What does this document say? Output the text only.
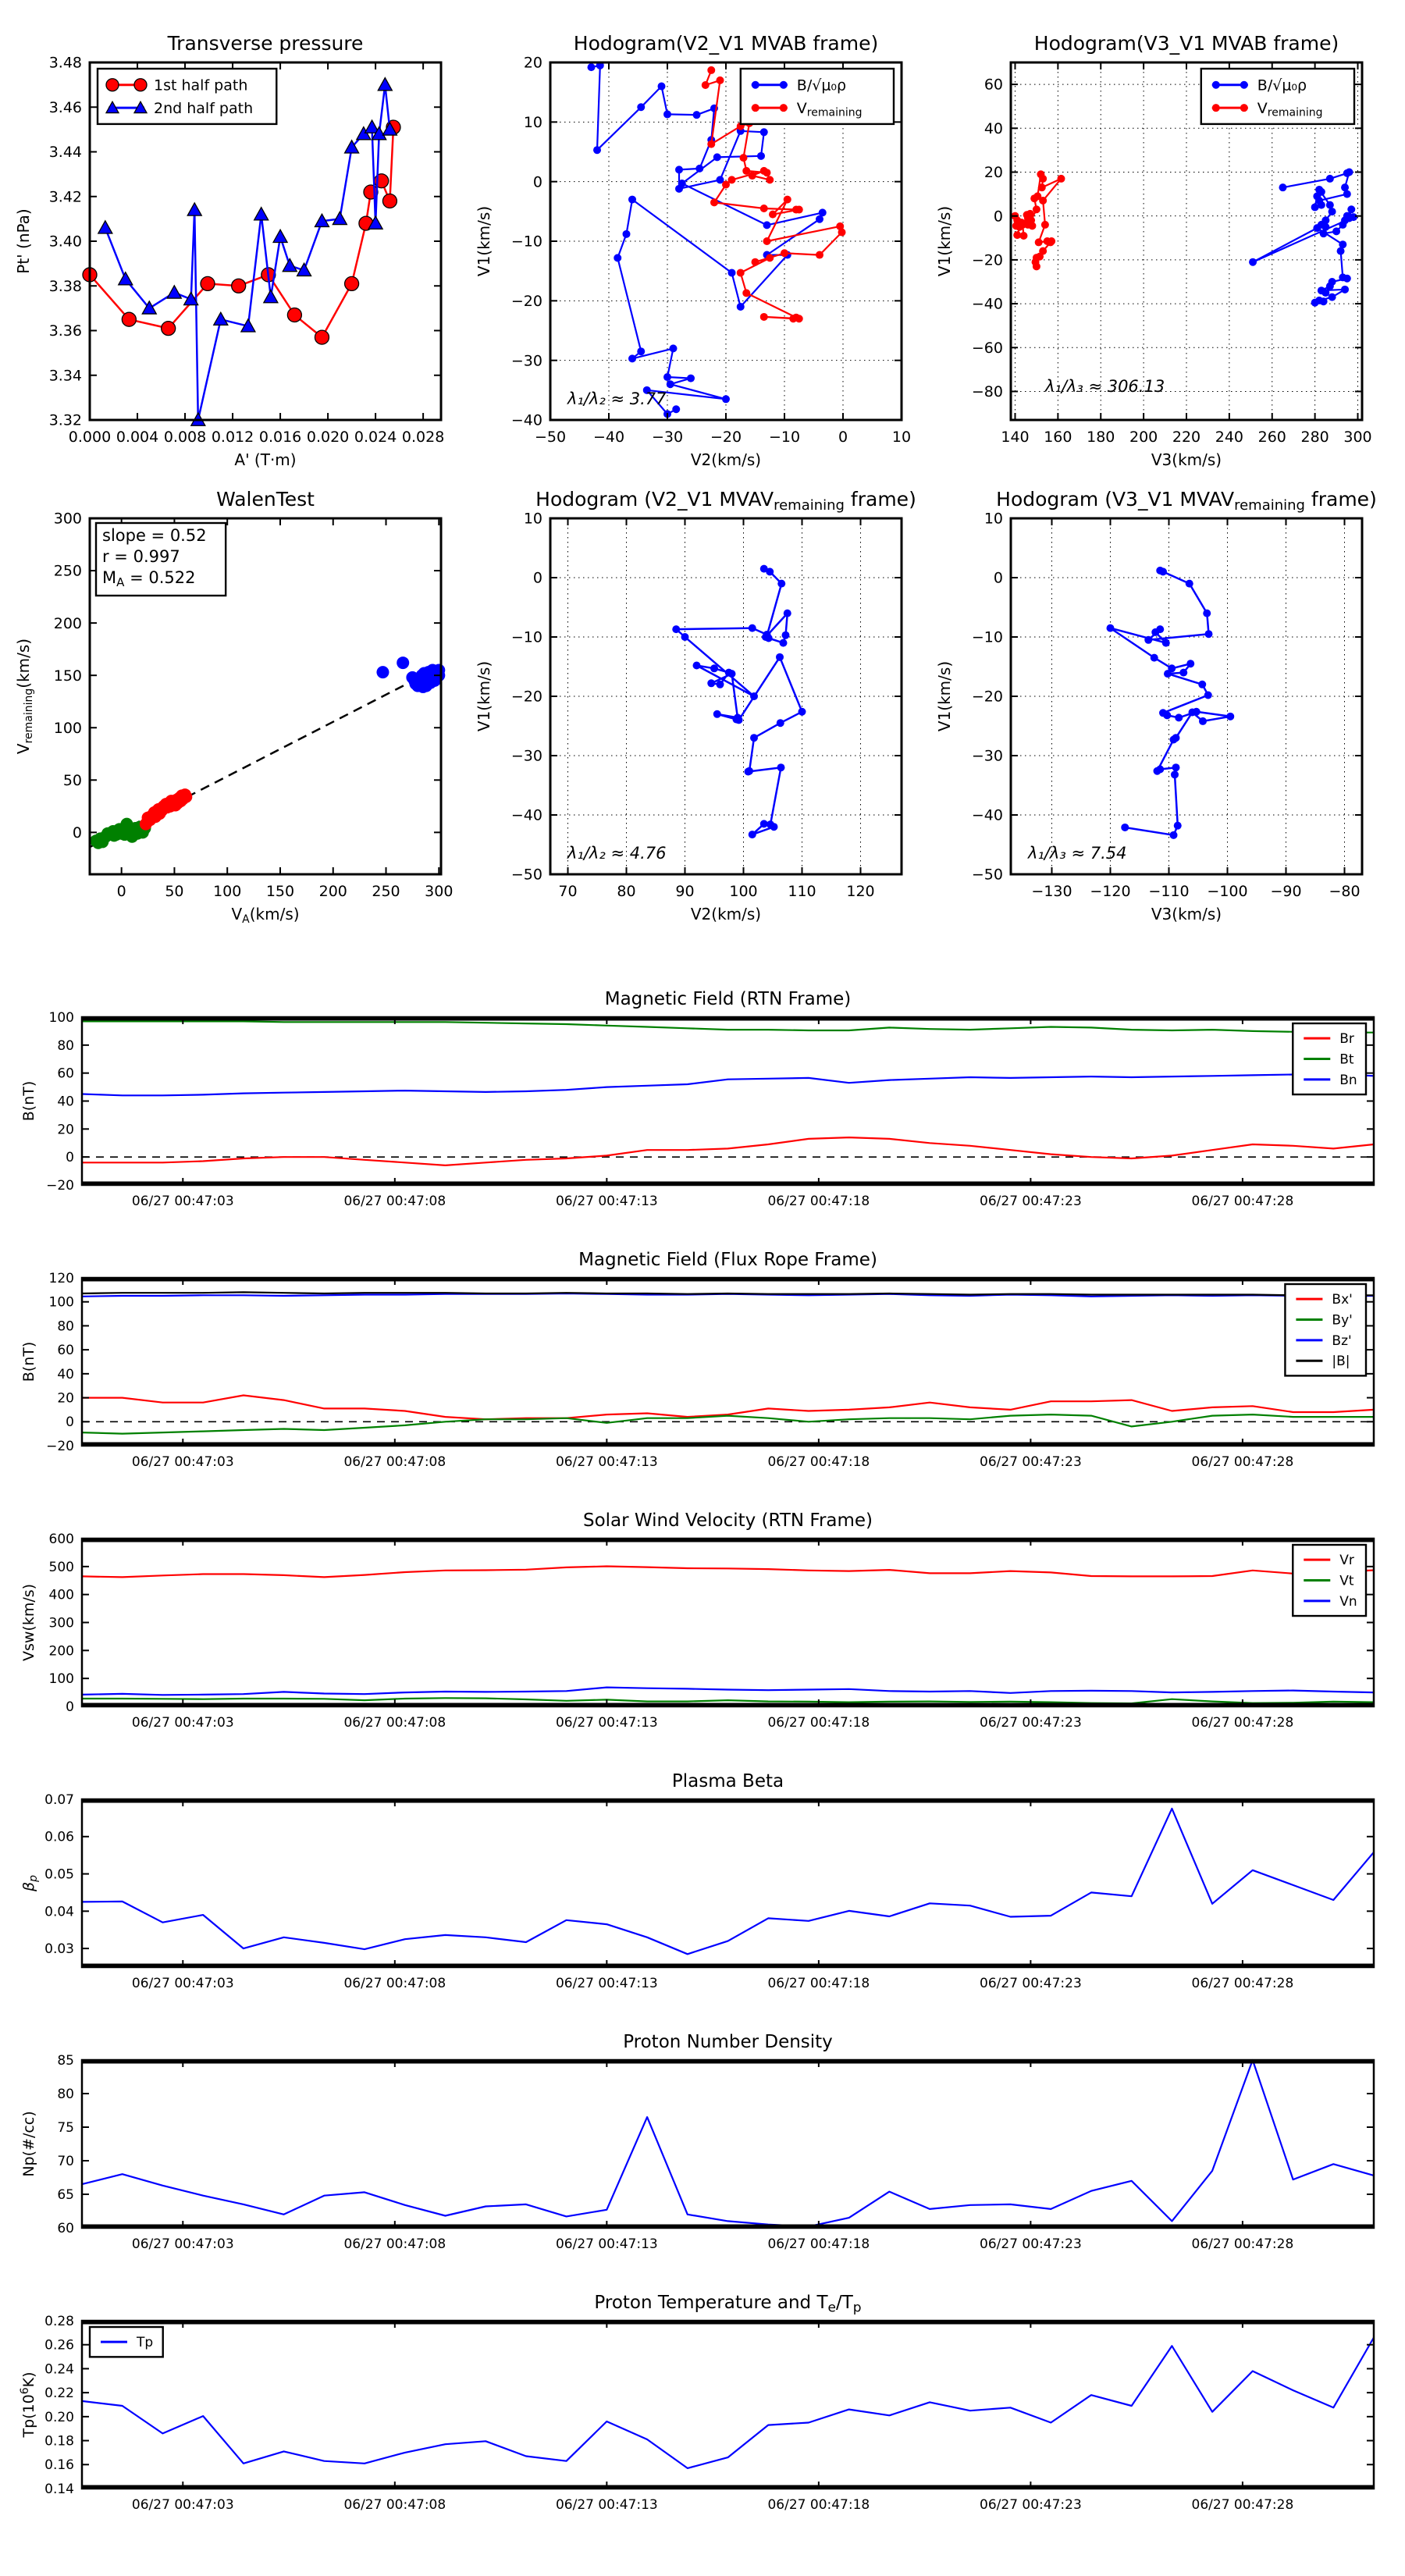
0.000 0.004 0.008 0.012 0.016 0.020 0.024 0.028
3.32
3.34
3.36
3.38
3.40
3.42
3.44
3.46
3.48
Transverse pressure
A' (T·m)
Pt' (nPa)
1st half path
2nd half path
−50 −40 −30 −20 −10	0	10
−40
−30
−20
−10
0
10
20
Hodogram(V2_V1 MVAB frame)
V2(km/s)
V1(km/s)
B/√μ₀ρ
$V_{remaining}$
λ₁/λ₂ ≈ 3.77
140 160 180 200 220 240 260 280 300
−80
−60
−40
−20
0
20
40
60
Hodogram(V3_V1 MVAB frame)
V3(km/s)
V1(km/s)
B/√μ₀ρ
$V_{remaining}$
λ₁/λ₃ ≈ 306.13
0	50 100 150 200 250 300
0
50
100
150
200
250
300
WalenTest
$V_A(km/s)$
$V_{remaining}(km/s)$
slope = 0.52
r = 0.997
$M_A = 0.522$
70	80	90 100 110 120
−50
−40
−30
−20
−10
0
10
Hodogram (V2_V1 $MVAV_{remaining}$ frame)
V2(km/s)
V1(km/s)
λ₁/λ₂ ≈ 4.76
−130 −120 −110 −100 −90 −80
−50
−40
−30
−20
−10
0
10
Hodogram (V3_V1 $MVAV_{remaining}$ frame)
V3(km/s)
V1(km/s)
λ₁/λ₃ ≈ 7.54
06/27 00:47:03	06/27 00:47:08	06/27 00:47:13	06/27 00:47:18	06/27 00:47:23	06/27 00:47:28
−20
0
20
40
60
80
100
Magnetic Field (RTN Frame)
B(nT)
Br
Bt
Bn
06/27 00:47:03	06/27 00:47:08	06/27 00:47:13	06/27 00:47:18	06/27 00:47:23	06/27 00:47:28
−20
0
20
40
60
80
100
120
Magnetic Field (Flux Rope Frame)
B(nT)
Bx'
By'
Bz'
|B|
06/27 00:47:03	06/27 00:47:08	06/27 00:47:13	06/27 00:47:18	06/27 00:47:23	06/27 00:47:28
0
100
200
300
400
500
600
Solar Wind Velocity (RTN Frame)
Vsw(km/s)
Vr
Vt
Vn
06/27 00:47:03	06/27 00:47:08	06/27 00:47:13	06/27 00:47:18	06/27 00:47:23	06/27 00:47:28
0.03
0.04
0.05
0.06
0.07
Plasma Beta
$\beta_p$
06/27 00:47:03	06/27 00:47:08	06/27 00:47:13	06/27 00:47:18	06/27 00:47:23	06/27 00:47:28
60
65
70
75
80
85
Proton Number Density
Np(#/cc)
06/27 00:47:03	06/27 00:47:08	06/27 00:47:13	06/27 00:47:18	06/27 00:47:23	06/27 00:47:28
0.14
0.16
0.18
0.20
0.22
0.24
0.26
0.28
Proton Temperature and $T_e/T_p$
$Tp(10^6K)$
Tp
